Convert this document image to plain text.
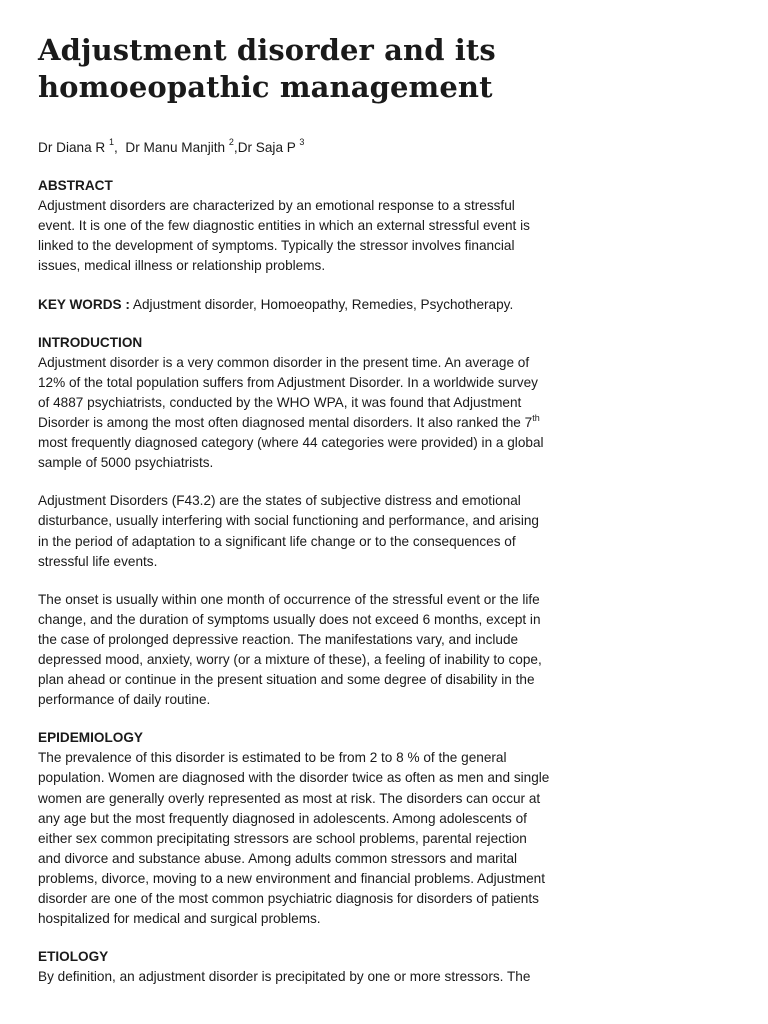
Adjustment disorder and its homoeopathic management
Dr Diana R $^1$,  Dr Manu Manjith $^2$,Dr Saja P $^3$
ABSTRACT

Adjustment disorders are characterized by an emotional response to a stressful event. It is one of the few diagnostic entities in which an external stressful event is linked to the development of symptoms. Typically the stressor involves financial issues, medical illness or relationship problems.

KEY WORDS : Adjustment disorder, Homoeopathy, Remedies, Psychotherapy.

INTRODUCTION

Adjustment disorder is a very common disorder in the present time. An average of 12% of the total population suffers from Adjustment Disorder. In a worldwide survey of 4887 psychiatrists, conducted by the WHO WPA, it was found that Adjustment Disorder is among the most often diagnosed mental disorders. It also ranked the 7th most frequently diagnosed category (where 44 categories were provided) in a global sample of 5000 psychiatrists.

Adjustment Disorders (F43.2) are the states of subjective distress and emotional disturbance, usually interfering with social functioning and performance, and arising in the period of adaptation to a significant life change or to the consequences of stressful life events.

The onset is usually within one month of occurrence of the stressful event or the life change, and the duration of symptoms usually does not exceed 6 months, except in the case of prolonged depressive reaction. The manifestations vary, and include depressed mood, anxiety, worry (or a mixture of these), a feeling of inability to cope, plan ahead or continue in the present situation and some degree of disability in the performance of daily routine.

EPIDEMIOLOGY

The prevalence of this disorder is estimated to be from 2 to 8 % of the general population. Women are diagnosed with the disorder twice as often as men and single women are generally overly represented as most at risk. The disorders can occur at any age but the most frequently diagnosed in adolescents. Among adolescents of either sex common precipitating stressors are school problems, parental rejection and divorce and substance abuse. Among adults common stressors and marital problems, divorce, moving to a new environment and financial problems. Adjustment disorder are one of the most common psychiatric diagnosis for disorders of patients hospitalized for medical and surgical problems.

ETIOLOGY

By definition, an adjustment disorder is precipitated by one or more stressors. The
